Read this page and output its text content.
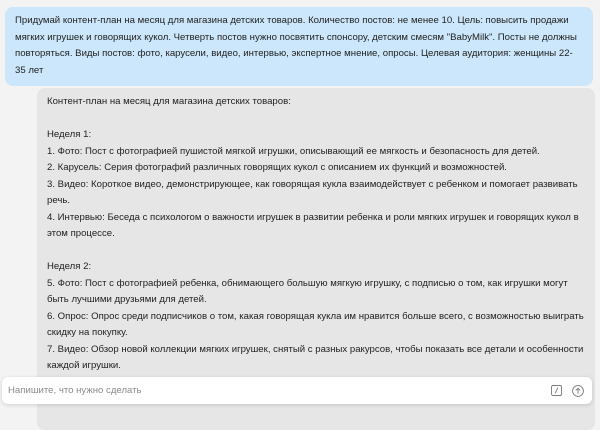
Придумай контент-план на месяц для магазина детских товаров. Количество постов: не менее 10. Цель: повысить продажи мягких игрушек и говорящих кукол. Четверть постов нужно посвятить спонсору, детским смесям "BabyMilk". Посты не должны повторяться. Виды постов: фото, карусели, видео, интервью, экспертное мнение, опросы. Целевая аудитория: женщины 22-35 лет

Контент-план на месяц для магазина детских товаров:

Неделя 1:

1. Фото: Пост с фотографией пушистой мягкой игрушки, описывающий ее мягкость и безопасность для детей.

2. Карусель: Серия фотографий различных говорящих кукол с описанием их функций и возможностей.

3. Видео: Короткое видео, демонстрирующее, как говорящая кукла взаимодействует с ребенком и помогает развивать речь.

4. Интервью: Беседа с психологом о важности игрушек в развитии ребенка и роли мягких игрушек и говорящих кукол в этом процессе.

Неделя 2:

5. Фото: Пост с фотографией ребенка, обнимающего большую мягкую игрушку, с подписью о том, как игрушки могут быть лучшими друзьями для детей.

6. Опрос: Опрос среди подписчиков о том, какая говорящая кукла им нравится больше всего, с возможностью выиграть скидку на покупку.

7. Видео: Обзор новой коллекции мягких игрушек, снятый с разных ракурсов, чтобы показать все детали и особенности каждой игрушки.

Напишите, что нужно сделать
